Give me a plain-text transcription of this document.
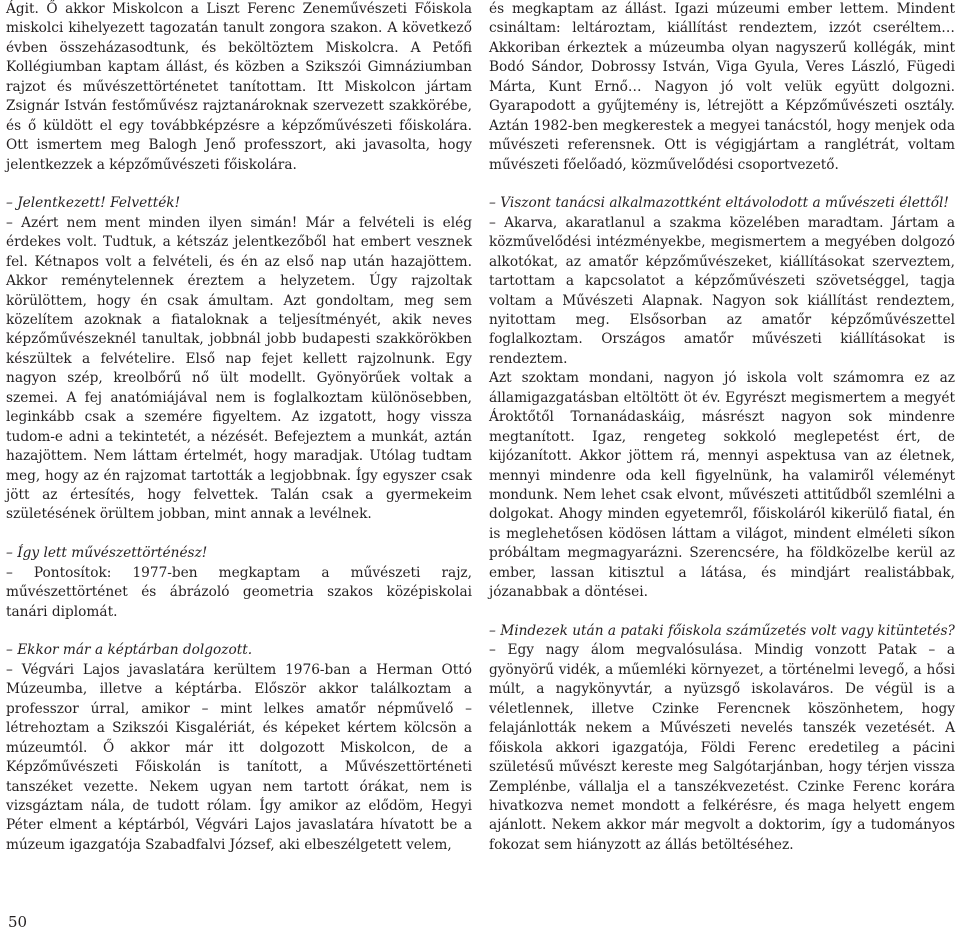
Ágit. Ő akkor Miskolcon a Liszt Ferenc Zeneművészeti Főiskola miskolci kihelyezett tagozatán tanult zongora szakon. A következő évben összeházasodtunk, és beköltöztem Miskolcra. A Petőfi Kollégiumban kaptam állást, és közben a Szikszói Gimnáziumban rajzot és művészettörténetet tanítottam. Itt Miskolcon jártam Zsignár István festőművész rajztanároknak szervezett szakkörébe, és ő küldött el egy továbbképzésre a képzőművészeti főiskolára. Ott ismertem meg Balogh Jenő professzort, aki javasolta, hogy jelentkezzek a képzőművészeti főiskolára.

– Jelentkezett! Felvették!

– Azért nem ment minden ilyen simán! Már a felvételi is elég érdekes volt. Tudtuk, a kétszáz jelentkezőből hat embert vesznek fel. Kétnapos volt a felvételi, és én az első nap után hazajöttem. Akkor reménytelennek éreztem a helyzetem. Úgy rajzoltak körülöttem, hogy én csak ámultam. Azt gondoltam, meg sem közelítem azoknak a fiataloknak a teljesítményét, akik neves képzőművészeknél tanultak, jobbnál jobb budapesti szakkörökben készültek a felvételire. Első nap fejet kellett rajzolnunk. Egy nagyon szép, kreolbőrű nő ült modellt. Gyönyörűek voltak a szemei. A fej anatómiájával nem is foglalkoztam különösebben, leginkább csak a szemére figyeltem. Az izgatott, hogy vissza tudom-e adni a tekintetét, a nézését. Befejeztem a munkát, aztán hazajöttem. Nem láttam értelmét, hogy maradjak. Utólag tudtam meg, hogy az én rajzomat tartották a legjobbnak. Így egyszer csak jött az értesítés, hogy felvettek. Talán csak a gyermekeim születésének örültem jobban, mint annak a levélnek.

– Így lett művészettörténész!

– Pontosítok: 1977-ben megkaptam a művészeti rajz, művészettörténet és ábrázoló geometria szakos középiskolai tanári diplomát.

– Ekkor már a képtárban dolgozott.

– Végvári Lajos javaslatára kerültem 1976-ban a Herman Ottó Múzeumba, illetve a képtárba. Először akkor találkoztam a professzor úrral, amikor – mint lelkes amatőr népművelő – létrehoztam a Szikszói Kisgalériát, és képeket kértem kölcsön a múzeumtól. Ő akkor már itt dolgozott Miskolcon, de a Képzőművészeti Főiskolán is tanított, a Művészettörténeti tanszéket vezette. Nekem ugyan nem tartott órákat, nem is vizsgáztam nála, de tudott rólam. Így amikor az elődöm, Hegyi Péter elment a képtárból, Végvári Lajos javaslatára hívatott be a múzeum igazgatója Szabadfalvi József, aki elbeszélgetett velem,

és megkaptam az állást. Igazi múzeumi ember lettem. Mindent csináltam: leltároztam, kiállítást rendeztem, izzót cseréltem… Akkoriban érkeztek a múzeumba olyan nagyszerű kollégák, mint Bodó Sándor, Dobrossy István, Viga Gyula, Veres László, Fügedi Márta, Kunt Ernő… Nagyon jó volt velük együtt dolgozni. Gyarapodott a gyűjtemény is, létrejött a Képzőművészeti osztály. Aztán 1982-ben megkerestek a megyei tanácstól, hogy menjek oda művészeti referensnek. Ott is végigjártam a ranglétrát, voltam művészeti főelőadó, közművelődési csoportvezető.

– Viszont tanácsi alkalmazottként eltávolodott a művészeti élettől!

– Akarva, akaratlanul a szakma közelében maradtam. Jártam a közművelődési intézményekbe, megismertem a megyében dolgozó alkotókat, az amatőr képzőművészeket, kiállításokat szerveztem, tartottam a kapcsolatot a képzőművészeti szövetséggel, tagja voltam a Művészeti Alapnak. Nagyon sok kiállítást rendeztem, nyitottam meg. Elsősorban az amatőr képzőművészettel foglalkoztam. Országos amatőr művészeti kiállításokat is rendeztem.

Azt szoktam mondani, nagyon jó iskola volt számomra ez az államigazgatásban eltöltött öt év. Egyrészt megismertem a megyét Ároktőtől Tornanádaskáig, másrészt nagyon sok mindenre megtanított. Igaz, rengeteg sokkoló meglepetést ért, de kijózanított. Akkor jöttem rá, mennyi aspektusa van az életnek, mennyi mindenre oda kell figyelnünk, ha valamiről véleményt mondunk. Nem lehet csak elvont, művészeti attitűdből szemlélni a dolgokat. Ahogy minden egyetemről, főiskoláról kikerülő fiatal, én is meglehetősen ködösen láttam a világot, mindent elméleti síkon próbáltam megmagyarázni. Szerencsére, ha földközelbe kerül az ember, lassan kitisztul a látása, és mindjárt realistábbak, józanabbak a döntései.

– Mindezek után a pataki főiskola száműzetés volt vagy kitüntetés?

– Egy nagy álom megvalósulása. Mindig vonzott Patak – a gyönyörű vidék, a műemléki környezet, a történelmi levegő, a hősi múlt, a nagykönyvtár, a nyüzsgő iskolaváros. De végül is a véletlennek, illetve Czinke Ferencnek köszönhetem, hogy felajánlották nekem a Művészeti nevelés tanszék vezetését. A főiskola akkori igazgatója, Földi Ferenc eredetileg a pácini születésű művészt kereste meg Salgótarjánban, hogy térjen vissza Zemplénbe, vállalja el a tanszékvezetést. Czinke Ferenc korára hivatkozva nemet mondott a felkérésre, és maga helyett engem ajánlott. Nekem akkor már megvolt a doktorim, így a tudományos fokozat sem hiányzott az állás betöltéséhez.

50
